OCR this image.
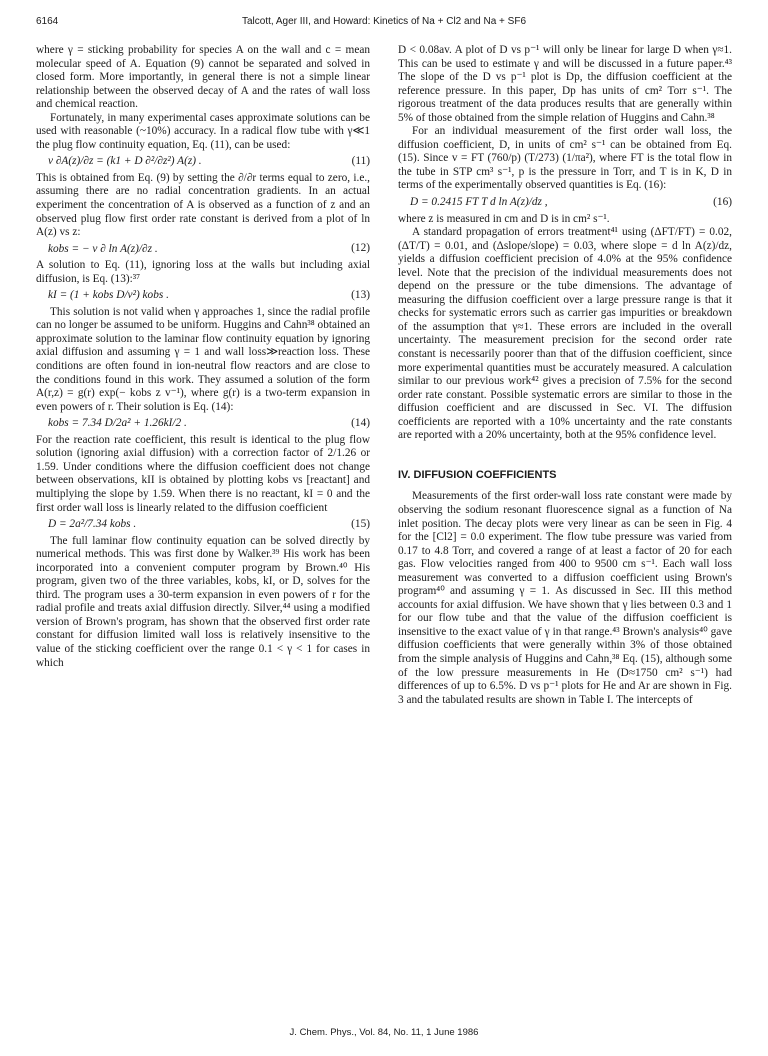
6164	Talcott, Ager III, and Howard: Kinetics of Na + Cl2 and Na + SF6

where γ = sticking probability for species A on the wall and c = mean molecular speed of A. Equation (9) cannot be separated and solved in closed form. More importantly, in general there is not a simple linear relationship between the observed decay of A and the rates of wall loss and chemical reaction.

Fortunately, in many experimental cases approximate solutions can be used with reasonable (~10%) accuracy. In a radical flow tube with γ≪1 the plug flow continuity equation, Eq. (11), can be used:

v ∂A(z)/∂z = (k1 + D ∂²/∂z²) A(z) .	(11)

This is obtained from Eq. (9) by setting the ∂/∂r terms equal to zero, i.e., assuming there are no radial concentration gradients. In an actual experiment the concentration of A is observed as a function of z and an observed plug flow first order rate constant is derived from a plot of ln A(z) vs z:

kobs = − v ∂ ln A(z)/∂z .	(12)

A solution to Eq. (11), ignoring loss at the walls but including axial diffusion, is Eq. (13):³⁷

kI = (1 + kobs D/v²) kobs .	(13)

This solution is not valid when γ approaches 1, since the radial profile can no longer be assumed to be uniform. Huggins and Cahn³⁸ obtained an approximate solution to the laminar flow continuity equation by ignoring axial diffusion and assuming γ = 1 and wall loss≫reaction loss. These conditions are often found in ion-neutral flow reactors and are close to the conditions found in this work. They assumed a solution of the form A(r,z) = g(r) exp(− kobs z v⁻¹), where g(r) is a two-term expansion in even powers of r. Their solution is Eq. (14):

kobs = 7.34 D/2a² + 1.26kI/2 .	(14)

For the reaction rate coefficient, this result is identical to the plug flow solution (ignoring axial diffusion) with a correction factor of 2/1.26 or 1.59. Under conditions where the diffusion coefficient does not change between observations, kII is obtained by plotting kobs vs [reactant] and multiplying the slope by 1.59. When there is no reactant, kI = 0 and the first order wall loss is linearly related to the diffusion coefficient

D = 2a²/7.34 kobs .	(15)

The full laminar flow continuity equation can be solved directly by numerical methods. This was first done by Walker.³⁹ His work has been incorporated into a convenient computer program by Brown.⁴⁰ His program, given two of the three variables, kobs, kI, or D, solves for the third. The program uses a 30-term expansion in even powers of r for the radial profile and treats axial diffusion directly. Silver,⁴⁴ using a modified version of Brown's program, has shown that the observed first order rate constant for diffusion limited wall loss is relatively insensitive to the value of the sticking coefficient over the range 0.1 < γ < 1 for cases in which

D < 0.08av. A plot of D vs p⁻¹ will only be linear for large D when γ≈1. This can be used to estimate γ and will be discussed in a future paper.⁴³ The slope of the D vs p⁻¹ plot is Dp, the diffusion coefficient at the reference pressure. In this paper, Dp has units of cm² Torr s⁻¹. The rigorous treatment of the data produces results that are generally within 5% of those obtained from the simple relation of Huggins and Cahn.³⁸

For an individual measurement of the first order wall loss, the diffusion coefficient, D, in units of cm² s⁻¹ can be obtained from Eq. (15). Since v = FT (760/p) (T/273) (1/πa²), where FT is the total flow in the tube in STP cm³ s⁻¹, p is the pressure in Torr, and T is in K, D in terms of the experimentally observed quantities is Eq. (16):

D = 0.2415 FT T d ln A(z)/dz ,	(16)

where z is measured in cm and D is in cm² s⁻¹.

A standard propagation of errors treatment⁴¹ using (ΔFT/FT) = 0.02, (ΔT/T) = 0.01, and (Δslope/slope) = 0.03, where slope = d ln A(z)/dz, yields a diffusion coefficient precision of 4.0% at the 95% confidence level. Note that the precision of the individual measurements does not depend on the pressure or the tube dimensions. The advantage of measuring the diffusion coefficient over a large pressure range is that it checks for systematic errors such as carrier gas impurities or breakdown of the assumption that γ≈1. These errors are included in the overall uncertainty. The measurement precision for the second order rate constant is necessarily poorer than that of the diffusion coefficient, since more experimental quantities must be accurately measured. A calculation similar to our previous work⁴² gives a precision of 7.5% for the second order rate constant. Possible systematic errors are similar to those in the diffusion coefficient and are discussed in Sec. VI. The diffusion coefficients are reported with a 10% uncertainty and the rate constants are reported with a 20% uncertainty, both at the 95% confidence level.

IV. DIFFUSION COEFFICIENTS

Measurements of the first order-wall loss rate constant were made by observing the sodium resonant fluorescence signal as a function of Na inlet position. The decay plots were very linear as can be seen in Fig. 4 for the [Cl2] = 0.0 experiment. The flow tube pressure was varied from 0.17 to 4.8 Torr, and covered a range of at least a factor of 20 for each gas. Flow velocities ranged from 400 to 9500 cm s⁻¹. Each wall loss measurement was converted to a diffusion coefficient using Brown's program⁴⁰ and assuming γ = 1. As discussed in Sec. III this method accounts for axial diffusion. We have shown that γ lies between 0.3 and 1 for our flow tube and that the value of the diffusion coefficient is insensitive to the exact value of γ in that range.⁴³ Brown's analysis⁴⁰ gave diffusion coefficients that were generally within 3% of those obtained from the simple analysis of Huggins and Cahn,³⁸ Eq. (15), although some of the low pressure measurements in He (D≈1750 cm² s⁻¹) had differences of up to 6.5%. D vs p⁻¹ plots for He and Ar are shown in Fig. 3 and the tabulated results are shown in Table I. The intercepts of

J. Chem. Phys., Vol. 84, No. 11, 1 June 1986
